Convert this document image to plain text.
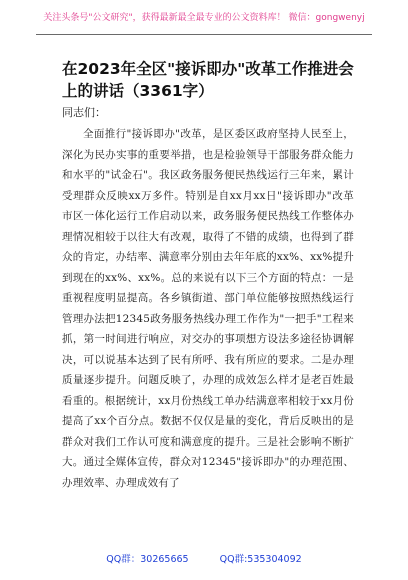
关注头条号"公文研究"，获得最新最全最专业的公文资料库！ 微信：gongwenyj
在2023年全区"接诉即办"改革工作推进会上的讲话（3361字）
同志们：

全面推行"接诉即办"改革，是区委区政府坚持人民至上，深化为民办实事的重要举措，也是检验领导干部服务群众能力和水平的"试金石"。我区政务服务便民热线运行三年来，累计受理群众反映xx万多件。特别是自xx月xx日"接诉即办"改革市区一体化运行工作启动以来，政务服务便民热线工作整体办理情况相较于以往大有改观，取得了不错的成绩，也得到了群众的肯定，办结率、满意率分别由去年年底的xx%、xx%提升到现在的xx%、xx%。总的来说有以下三个方面的特点：一是重视程度明显提高。各乡镇街道、部门单位能够按照热线运行管理办法把12345政务服务热线办理工作作为"一把手"工程来抓，第一时间进行响应，对交办的事项想方设法多途径协调解决，可以说基本达到了民有所呼、我有所应的要求。二是办理质量逐步提升。问题反映了，办理的成效怎么样才是老百姓最看重的。根据统计，xx月份热线工单办结满意率相较于xx月份提高了xx个百分点。数据不仅仅是量的变化，背后反映出的是群众对我们工作认可度和满意度的提升。三是社会影响不断扩大。通过全媒体宣传，群众对12345"接诉即办"的办理范围、办理效率、办理成效有了

QQ群：30265665	QQ群:535304092
